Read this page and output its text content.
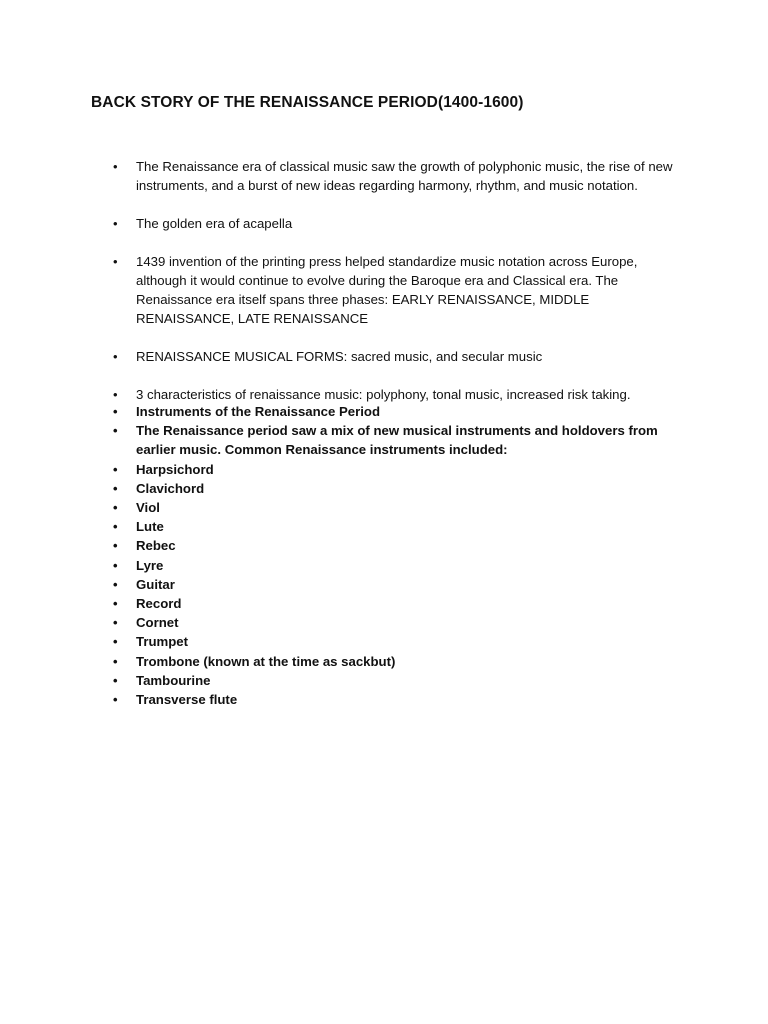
BACK STORY OF THE RENAISSANCE PERIOD(1400-1600)
• The Renaissance era of classical music saw the growth of polyphonic music, the rise of new instruments, and a burst of new ideas regarding harmony, rhythm, and music notation.
• The golden era of acapella
• 1439 invention of the printing press helped standardize music notation across Europe, although it would continue to evolve during the Baroque era and Classical era. The Renaissance era itself spans three phases: EARLY RENAISSANCE, MIDDLE RENAISSANCE, LATE RENAISSANCE
• RENAISSANCE MUSICAL FORMS: sacred music, and secular music
• 3 characteristics of renaissance music: polyphony, tonal music, increased risk taking.
• Instruments of the Renaissance Period
• The Renaissance period saw a mix of new musical instruments and holdovers from earlier music. Common Renaissance instruments included:
• Harpsichord
• Clavichord
• Viol
• Lute
• Rebec
• Lyre
• Guitar
• Record
• Cornet
• Trumpet
• Trombone (known at the time as sackbut)
• Tambourine
• Transverse flute
